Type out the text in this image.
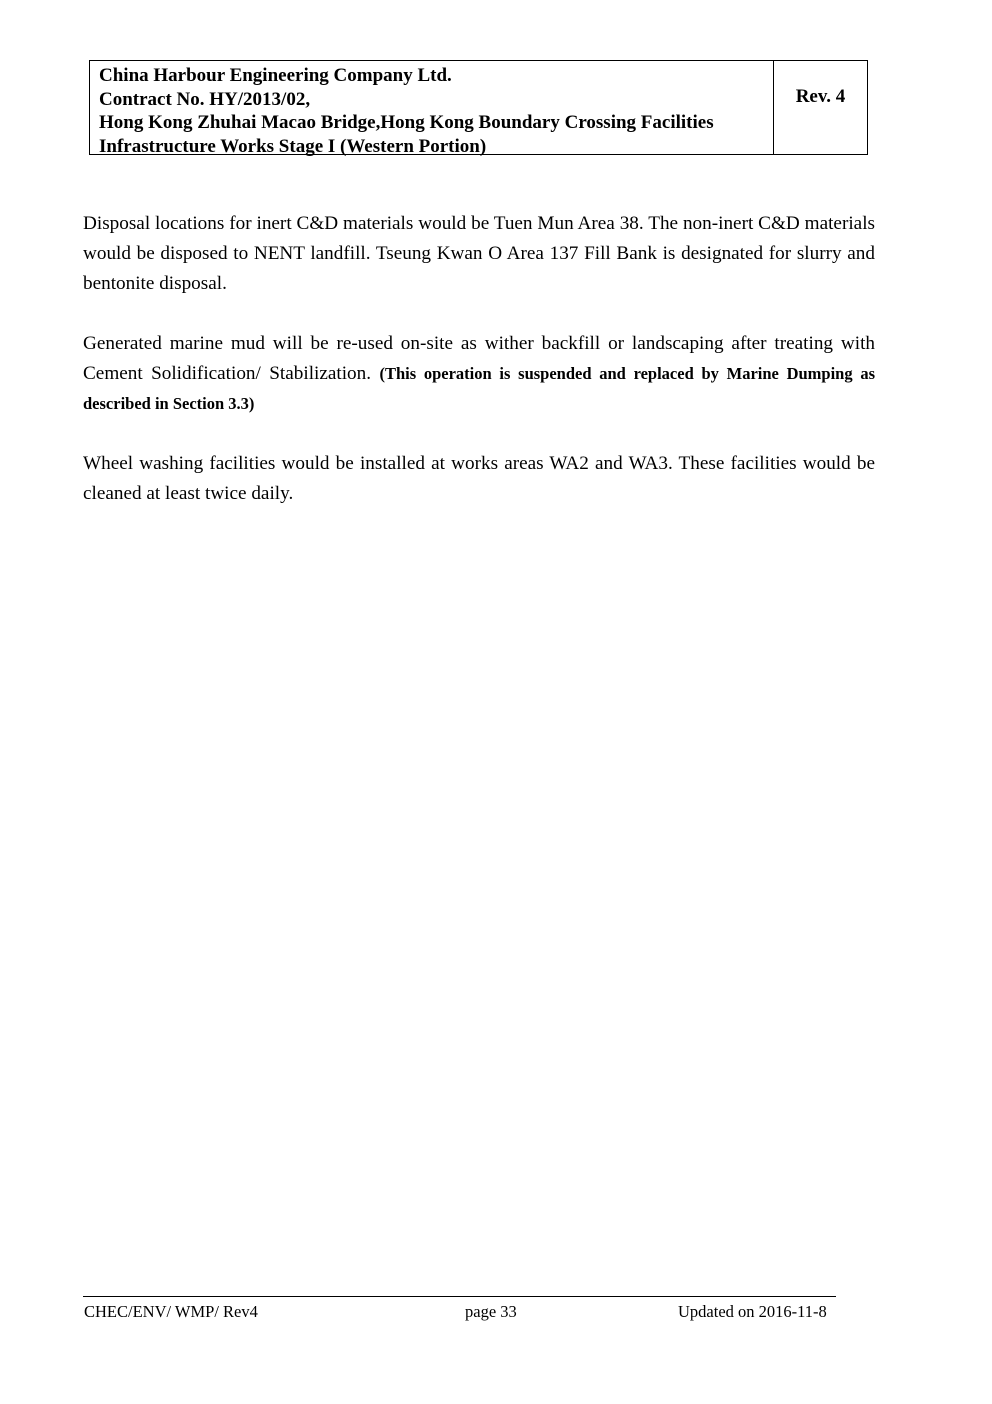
China Harbour Engineering Company Ltd.
Contract No. HY/2013/02,
Hong Kong Zhuhai Macao Bridge,Hong Kong Boundary Crossing Facilities
Infrastructure Works Stage I (Western Portion)
Rev. 4

Disposal locations for inert C&D materials would be Tuen Mun Area 38. The non-inert C&D materials would be disposed to NENT landfill. Tseung Kwan O Area 137 Fill Bank is designated for slurry and bentonite disposal.

Generated marine mud will be re-used on-site as wither backfill or landscaping after treating with Cement Solidification/ Stabilization. (This operation is suspended and replaced by Marine Dumping as described in Section 3.3)

Wheel washing facilities would be installed at works areas WA2 and WA3. These facilities would be cleaned at least twice daily.

CHEC/ENV/ WMP/ Rev4	page 33	Updated on 2016-11-8
